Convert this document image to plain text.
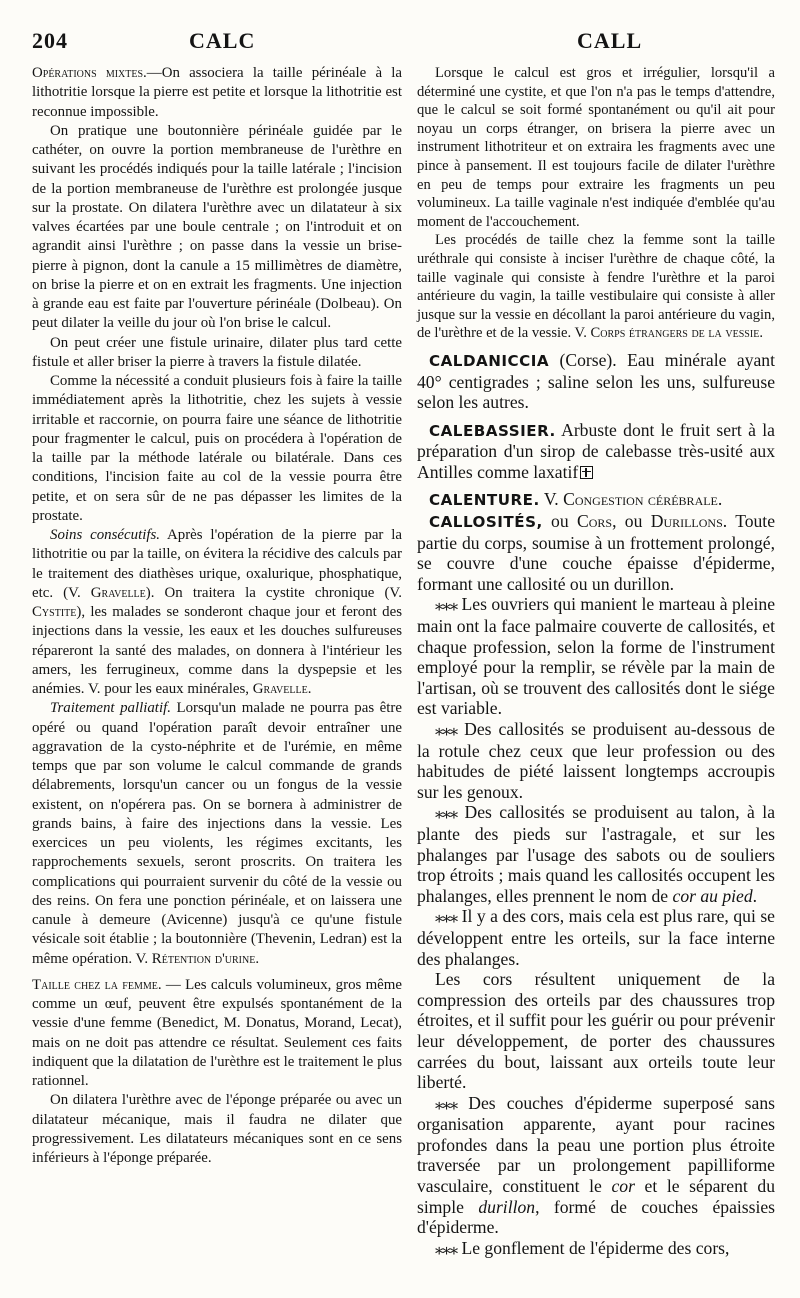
204	CALC	CALL

Opérations mixtes.—On associera la taille périnéale à la lithotritie lorsque la pierre est petite et lorsque la lithotritie est reconnue impossible.

On pratique une boutonnière périnéale guidée par le cathéter, on ouvre la portion membraneuse de l'urèthre en suivant les procédés indiqués pour la taille latérale ; l'incision de la portion membraneuse de l'urèthre est prolongée jusque sur la prostate. On dilatera l'urèthre avec un dilatateur à six valves écartées par une boule centrale ; on l'introduit et on agrandit ainsi l'urèthre ; on passe dans la vessie un brise-pierre à pignon, dont la canule a 15 millimètres de diamètre, on brise la pierre et on en extrait les fragments. Une injection à grande eau est faite par l'ouverture périnéale (Dolbeau). On peut dilater la veille du jour où l'on brise le calcul.

On peut créer une fistule urinaire, dilater plus tard cette fistule et aller briser la pierre à travers la fistule dilatée.

Comme la nécessité a conduit plusieurs fois à faire la taille immédiatement après la lithotritie, chez les sujets à vessie irritable et raccornie, on pourra faire une séance de lithotritie pour fragmenter le calcul, puis on procédera à l'opération de la taille par la méthode latérale ou bilatérale. Dans ces conditions, l'incision faite au col de la vessie pourra être petite, et on sera sûr de ne pas dépasser les limites de la prostate.

Soins consécutifs. Après l'opération de la pierre par la lithotritie ou par la taille, on évitera la récidive des calculs par le traitement des diathèses urique, oxalurique, phosphatique, etc. (V. Gravelle). On traitera la cystite chronique (V. Cystite), les malades se sonderont chaque jour et feront des injections dans la vessie, les eaux et les douches sulfureuses répareront la santé des malades, on donnera à l'intérieur les amers, les ferrugineux, comme dans la dyspepsie et les anémies. V. pour les eaux minérales, Gravelle.

Traitement palliatif. Lorsqu'un malade ne pourra pas être opéré ou quand l'opération paraît devoir entraîner une aggravation de la cysto-néphrite et de l'urémie, en même temps que par son volume le calcul commande de grands délabrements, lorsqu'un cancer ou un fongus de la vessie existent, on n'opérera pas. On se bornera à administrer de grands bains, à faire des injections dans la vessie. Les exercices un peu violents, les régimes excitants, les rapprochements sexuels, seront proscrits. On traitera les complications qui pourraient survenir du côté de la vessie ou des reins. On fera une ponction périnéale, et on laissera une canule à demeure (Avicenne) jusqu'à ce qu'une fistule vésicale soit établie ; la boutonnière (Thevenin, Ledran) est la même opération. V. Rétention d'urine.

Taille chez la femme. — Les calculs volumineux, gros même comme un œuf, peuvent être expulsés spontanément de la vessie d'une femme (Benedict, M. Donatus, Morand, Lecat), mais on ne doit pas attendre ce résultat. Seulement ces faits indiquent que la dilatation de l'urèthre est le traitement le plus rationnel.

On dilatera l'urèthre avec de l'éponge préparée ou avec un dilatateur mécanique, mais il faudra ne dilater que progressivement. Les dilatateurs mécaniques sont en ce sens inférieurs à l'éponge préparée.

Lorsque le calcul est gros et irrégulier, lorsqu'il a déterminé une cystite, et que l'on n'a pas le temps d'attendre, que le calcul se soit formé spontanément ou qu'il ait pour noyau un corps étranger, on brisera la pierre avec un instrument lithotriteur et on extraira les fragments avec une pince à pansement. Il est toujours facile de dilater l'urèthre en peu de temps pour extraire les fragments un peu volumineux. La taille vaginale n'est indiquée d'emblée qu'au moment de l'accouchement.

Les procédés de taille chez la femme sont la taille uréthrale qui consiste à inciser l'urèthre de chaque côté, la taille vaginale qui consiste à fendre l'urèthre et la paroi antérieure du vagin, la taille vestibulaire qui consiste à aller jusque sur la vessie en décollant la paroi antérieure du vagin, de l'urèthre et de la vessie. V. Corps étrangers de la vessie.

CALDANICCIA (Corse). Eau minérale ayant 40° centigrades ; saline selon les uns, sulfureuse selon les autres.

CALEBASSIER. Arbuste dont le fruit sert à la préparation d'un sirop de calebasse très-usité aux Antilles comme laxatif

CALENTURE. V. Congestion cérébrale.

CALLOSITÉS, ou Cors, ou Durillons. Toute partie du corps, soumise à un frottement prolongé, se couvre d'une couche épaisse d'épiderme, formant une callosité ou un durillon.

⁎⁎⁎ Les ouvriers qui manient le marteau à pleine main ont la face palmaire couverte de callosités, et chaque profession, selon la forme de l'instrument employé pour la remplir, se révèle par la main de l'artisan, où se trouvent des callosités dont le siége est variable.

⁎⁎⁎ Des callosités se produisent au-dessous de la rotule chez ceux que leur profession ou des habitudes de piété laissent longtemps accroupis sur les genoux.

⁎⁎⁎ Des callosités se produisent au talon, à la plante des pieds sur l'astragale, et sur les phalanges par l'usage des sabots ou de souliers trop étroits ; mais quand les callosités occupent les phalanges, elles prennent le nom de cor au pied.

⁎⁎⁎ Il y a des cors, mais cela est plus rare, qui se développent entre les orteils, sur la face interne des phalanges.

Les cors résultent uniquement de la compression des orteils par des chaussures trop étroites, et il suffit pour les guérir ou pour prévenir leur développement, de porter des chaussures carrées du bout, laissant aux orteils toute leur liberté.

⁎⁎⁎ Des couches d'épiderme superposé sans organisation apparente, ayant pour racines profondes dans la peau une portion plus étroite traversée par un prolongement papilliforme vasculaire, constituent le cor et le séparent du simple durillon, formé de couches épaissies d'épiderme.

⁎⁎⁎ Le gonflement de l'épiderme des cors,
